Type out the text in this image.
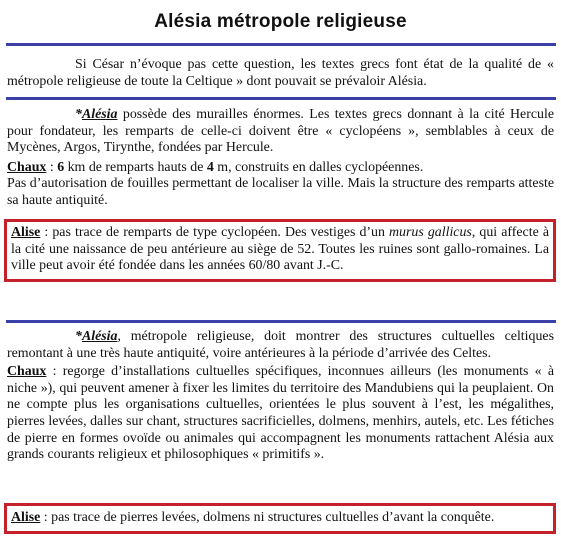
Alésia métropole religieuse

Si César n’évoque pas cette question, les textes grecs font état de la qualité de « métropole religieuse de toute la Celtique » dont pouvait se prévaloir Alésia.

*Alésia possède des murailles énormes. Les textes grecs donnant à la cité Hercule pour fondateur, les remparts de celle-ci doivent être « cyclopéens », semblables à ceux de Mycènes, Argos, Tirynthe, fondées par Hercule.

Chaux : 6 km de remparts hauts de 4 m, construits en dalles cyclopéennes.

Pas d’autorisation de fouilles permettant de localiser la ville. Mais la structure des remparts atteste sa haute antiquité.

Alise : pas trace de remparts de type cyclopéen. Des vestiges d’un murus gallicus, qui affecte à la cité une naissance de peu antérieure au siège de 52. Toutes les ruines sont gallo-romaines. La ville peut avoir été fondée dans les années 60/80 avant J.-C.

*Alésia, métropole religieuse, doit montrer des structures cultuelles celtiques remontant à une très haute antiquité, voire antérieures à la période d’arrivée des Celtes.

Chaux : regorge d’installations cultuelles spécifiques, inconnues ailleurs (les monuments « à niche »), qui peuvent amener à fixer les limites du territoire des Mandubiens qui la peuplaient. On ne compte plus les organisations cultuelles, orientées le plus souvent à l’est, les mégalithes, pierres levées, dalles sur chant, structures sacrificielles, dolmens, menhirs, autels, etc. Les fétiches de pierre en formes ovoïde ou animales qui accompagnent les monuments rattachent Alésia aux grands courants religieux et philosophiques « primitifs ».

Alise : pas trace de pierres levées, dolmens ni structures cultuelles d’avant la conquête.
